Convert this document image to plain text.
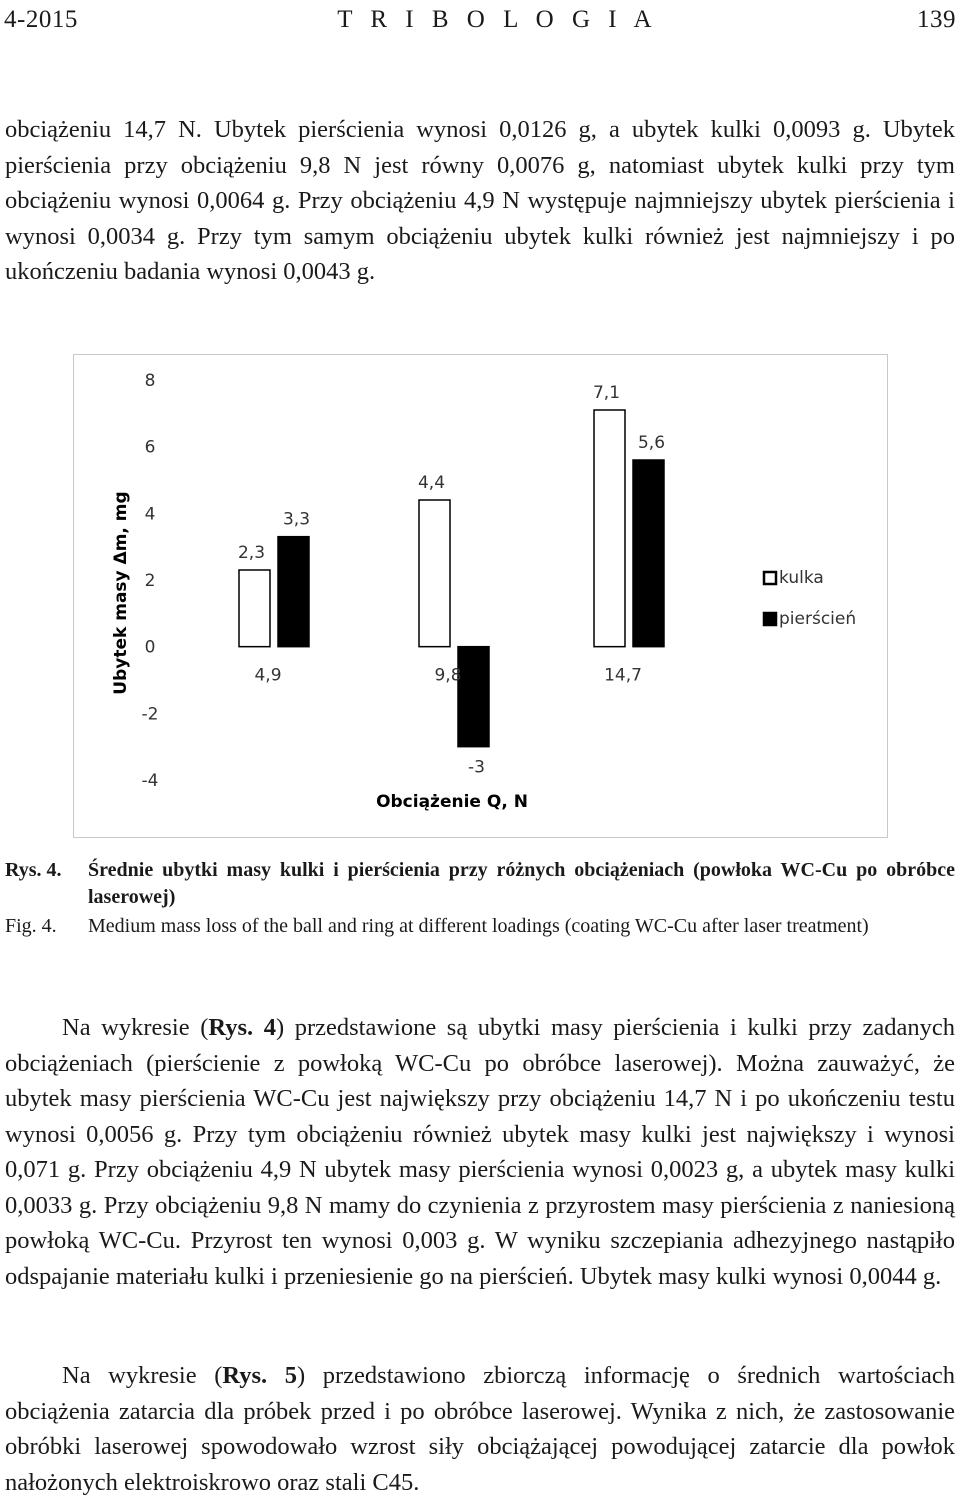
4-2015	T R I B O L O G I A	139

obciążeniu 14,7 N. Ubytek pierścienia wynosi 0,0126 g, a ubytek kulki 0,0093 g. Ubytek pierścienia przy obciążeniu 9,8 N jest równy 0,0076 g, natomiast ubytek kulki przy tym obciążeniu wynosi 0,0064 g. Przy obciążeniu 4,9 N występuje najmniejszy ubytek pierścienia i wynosi 0,0034 g. Przy tym samym obciążeniu ubytek kulki również jest najmniejszy i po ukończeniu badania wynosi 0,0043 g.

-4
-2
0
2
4
6
8
Ubytek masy Δm, mg	2,3
3,3
4,4
-3
7,1
5,6
4,9	9,8	14,7
Obciążenie Q, N
kulka
pierścień
Rys. 4.	Średnie ubytki masy kulki i pierścienia przy różnych obciążeniach (powłoka WC-Cu po obróbce laserowej)
Fig. 4.	Medium mass loss of the ball and ring at different loadings (coating WC-Cu after laser treatment)

Na wykresie (Rys. 4) przedstawione są ubytki masy pierścienia i kulki przy zadanych obciążeniach (pierścienie z powłoką WC-Cu po obróbce laserowej). Można zauważyć, że ubytek masy pierścienia WC-Cu jest największy przy obciążeniu 14,7 N i po ukończeniu testu wynosi 0,0056 g. Przy tym obciążeniu również ubytek masy kulki jest największy i wynosi 0,071 g. Przy obciążeniu 4,9 N ubytek masy pierścienia wynosi 0,0023 g, a ubytek masy kulki 0,0033 g. Przy obciążeniu 9,8 N mamy do czynienia z przyrostem masy pierścienia z naniesioną powłoką WC-Cu. Przyrost ten wynosi 0,003 g. W wyniku szczepiania adhezyjnego nastąpiło odspajanie materiału kulki i przeniesienie go na pierścień. Ubytek masy kulki wynosi 0,0044 g.

Na wykresie (Rys. 5) przedstawiono zbiorczą informację o średnich wartościach obciążenia zatarcia dla próbek przed i po obróbce laserowej. Wynika z nich, że zastosowanie obróbki laserowej spowodowało wzrost siły obciążającej powodującej zatarcie dla powłok nałożonych elektroiskrowo oraz stali C45.
